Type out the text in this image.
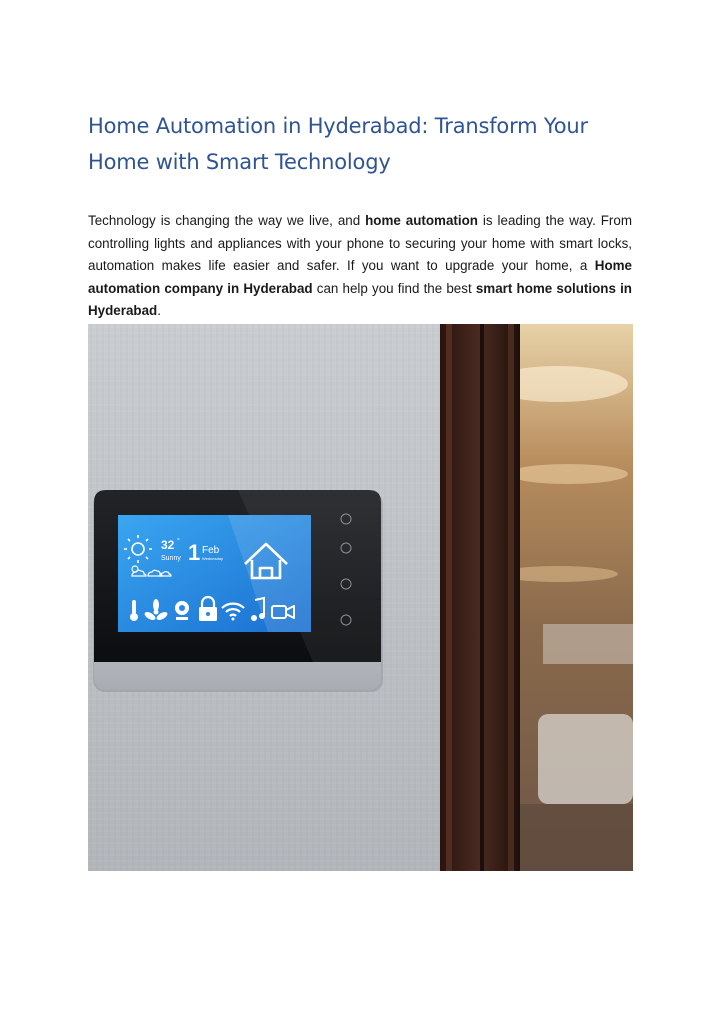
Home Automation in Hyderabad: Transform Your Home with Smart Technology

Technology is changing the way we live, and home automation is leading the way. From controlling lights and appliances with your phone to securing your home with smart locks, automation makes life easier and safer. If you want to upgrade your home, a Home automation company in Hyderabad can help you find the best smart home solutions in Hyderabad.

32 °
Sunny 1 Feb
Wednesday
